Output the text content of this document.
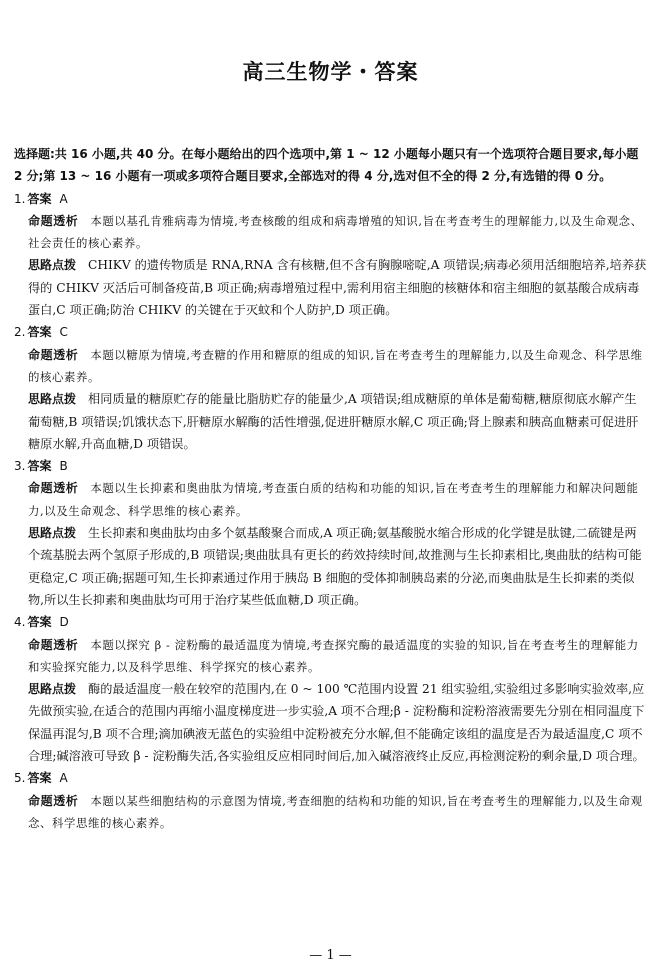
高三生物学・答案

选择题:共 16 小题,共 40 分。在每小题给出的四个选项中,第 1 ~ 12 小题每小题只有一个选项符合题目要求,每小题 2 分;第 13 ~ 16 小题有一项或多项符合题目要求,全部选对的得 4 分,选对但不全的得 2 分,有选错的得 0 分。

1. 答案 A

命题透析 本题以基孔肯雅病毒为情境,考查核酸的组成和病毒增殖的知识,旨在考查考生的理解能力,以及生命观念、社会责任的核心素养。

思路点拨 CHIKV 的遗传物质是 RNA,RNA 含有核糖,但不含有胸腺嘧啶,A 项错误;病毒必须用活细胞培养,培养获得的 CHIKV 灭活后可制备疫苗,B 项正确;病毒增殖过程中,需利用宿主细胞的核糖体和宿主细胞的氨基酸合成病毒蛋白,C 项正确;防治 CHIKV 的关键在于灭蚊和个人防护,D 项正确。

2. 答案 C

命题透析 本题以糖原为情境,考查糖的作用和糖原的组成的知识,旨在考查考生的理解能力,以及生命观念、科学思维的核心素养。

思路点拨 相同质量的糖原贮存的能量比脂肪贮存的能量少,A 项错误;组成糖原的单体是葡萄糖,糖原彻底水解产生葡萄糖,B 项错误;饥饿状态下,肝糖原水解酶的活性增强,促进肝糖原水解,C 项正确;肾上腺素和胰高血糖素可促进肝糖原水解,升高血糖,D 项错误。

3. 答案 B

命题透析 本题以生长抑素和奥曲肽为情境,考查蛋白质的结构和功能的知识,旨在考查考生的理解能力和解决问题能力,以及生命观念、科学思维的核心素养。

思路点拨 生长抑素和奥曲肽均由多个氨基酸聚合而成,A 项正确;氨基酸脱水缩合形成的化学键是肽键,二硫键是两个巯基脱去两个氢原子形成的,B 项错误;奥曲肽具有更长的药效持续时间,故推测与生长抑素相比,奥曲肽的结构可能更稳定,C 项正确;据题可知,生长抑素通过作用于胰岛 B 细胞的受体抑制胰岛素的分泌,而奥曲肽是生长抑素的类似物,所以生长抑素和奥曲肽均可用于治疗某些低血糖,D 项正确。

4. 答案 D

命题透析 本题以探究 β - 淀粉酶的最适温度为情境,考查探究酶的最适温度的实验的知识,旨在考查考生的理解能力和实验探究能力,以及科学思维、科学探究的核心素养。

思路点拨 酶的最适温度一般在较窄的范围内,在 0 ~ 100 ℃范围内设置 21 组实验组,实验组过多影响实验效率,应先做预实验,在适合的范围内再缩小温度梯度进一步实验,A 项不合理;β - 淀粉酶和淀粉溶液需要先分别在相同温度下保温再混匀,B 项不合理;滴加碘液无蓝色的实验组中淀粉被充分水解,但不能确定该组的温度是否为最适温度,C 项不合理;碱溶液可导致 β - 淀粉酶失活,各实验组反应相同时间后,加入碱溶液终止反应,再检测淀粉的剩余量,D 项合理。

5. 答案 A

命题透析 本题以某些细胞结构的示意图为情境,考查细胞的结构和功能的知识,旨在考查考生的理解能力,以及生命观念、科学思维的核心素养。

— 1 —
